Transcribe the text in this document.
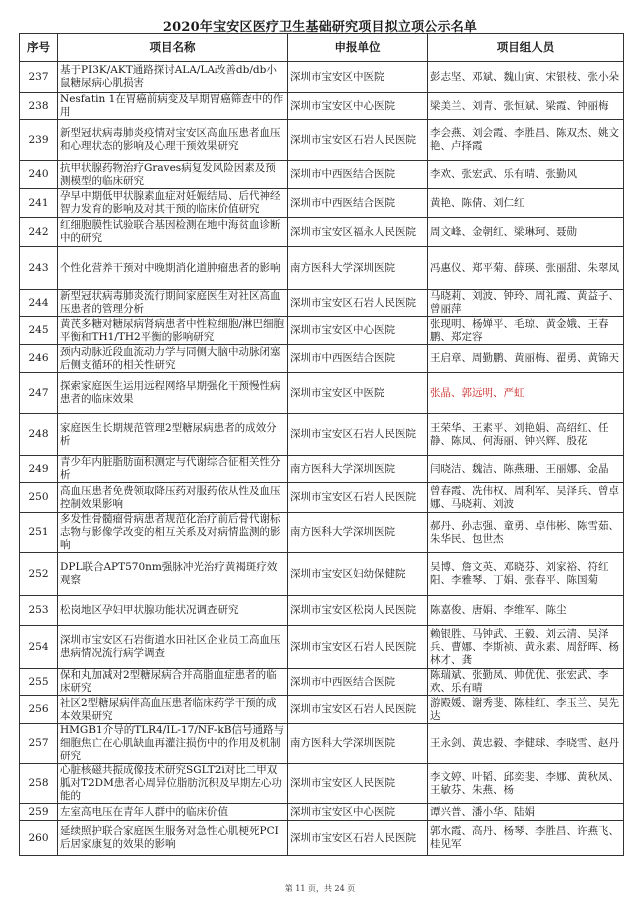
2020年宝安区医疗卫生基础研究项目拟立项公示名单
序号	项目名称	申报单位	项目组人员
237	基于PI3K/AKT通路探讨ALA/LA改善db/db小鼠糖尿病心肌损害	深圳市宝安区中医院	彭志坚、邓斌、魏山寅、宋银枝、张小朵
238	Nesfatin 1在胃癌前病变及早期胃癌筛查中的作用	深圳市宝安区中心医院	梁美兰、刘青、张恒斌、梁霞、钟丽梅
239	新型冠状病毒肺炎疫情对宝安区高血压患者血压和心理状态的影响及心理干预效果研究	深圳市宝安区石岩人民医院	李会燕、刘会霞、李胜昌、陈双杰、姚文艳、卢择霞
240	抗甲状腺药物治疗Graves病复发风险因素及预测模型的临床研究	深圳市中西医结合医院	李欢、张宏武、乐有晴、张勤风
241	孕早中期低甲状腺素血症对妊娠结局、后代神经智力发育的影响及对其干预的临床价值研究	深圳市中西医结合医院	黄艳、陈倩、刘仁红
242	红细胞膜性试验联合基因检测在地中海贫血诊断中的研究	深圳市宝安区福永人民医院	周文峰、金朝红、梁琳珂、聂勋
243	个性化营养干预对中晚期消化道肿瘤患者的影响	南方医科大学深圳医院	冯惠仪、郑平菊、薛瑛、张丽甜、朱翠凤
244	新型冠状病毒肺炎流行期间家庭医生对社区高血压患者的管理分析	深圳市宝安区石岩人民医院	马晓莉、刘波、钟玲、周礼霞、黄益子、曾丽萍
245	黄芪多糖对糖尿病肾病患者中性粒细胞/淋巴细胞平衡和TH1/TH2平衡的影响研究	深圳市宝安区中心医院	张现明、杨婵平、毛琼、黄金娥、王春鹏、郑定容
246	颈内动脉近段血流动力学与同侧大脑中动脉闭塞后侧支循环的相关性研究	深圳市中西医结合医院	王启章、周勤鹏、黄丽梅、翟勇、黄锦天
247	探索家庭医生运用远程网络早期强化干预慢性病患者的临床效果	深圳市宝安区中医院	张晶、郭远明、严虹
248	家庭医生长期规范管理2型糖尿病患者的成效分析	深圳市宝安区石岩人民医院	王荣华、王素平、刘艳娟、高绍红、任静、陈凤、何海丽、钟兴辉、殷花
249	青少年内脏脂肪面积测定与代谢综合征相关性分析	南方医科大学深圳医院	闫晓洁、魏洁、陈燕珊、王丽娜、金晶
250	高血压患者免费领取降压药对服药依从性及血压控制效果影响	深圳市宝安区石岩人民医院	曾春霞、冼伟权、周利军、吴泽兵、曾卓娜、马晓莉、刘波
251	多发性骨髓瘤骨病患者规范化治疗前后骨代谢标志物与影像学改变的相互关系及对病情监测的影响	南方医科大学深圳医院	郝丹、孙志强、童勇、卓伟彬、陈雪茹、朱华民、包世杰
252	DPL联合APT570nm强脉冲光治疗黄褐斑疗效观察	深圳市宝安区妇幼保健院	吴博、詹文英、邓晓芬、刘家裕、符红阳、李雅琴、丁娟、张春平、陈国菊
253	松岗地区孕妇甲状腺功能状况调查研究	深圳市宝安区松岗人民医院	陈嘉俊、唐娟、李维军、陈尘
254	深圳市宝安区石岩街道水田社区企业员工高血压患病情况流行病学调查	深圳市宝安区石岩人民医院	赖银胜、马钟武、王毅、刘云清、吴泽兵、曹娜、李斯祯、黄永素、周舒晖、杨林才、龚
255	保和丸加减对2型糖尿病合并高脂血症患者的临床研究	深圳市中西医结合医院	陈瑞斌、张勤凤、帅优优、张宏武、李欢、乐有晴
256	社区2型糖尿病伴高血压患者临床药学干预的成本效果研究	深圳市宝安区石岩人民医院	游殿媛、谢秀斐、陈桂红、李玉兰、吴先达
257	HMGB1介导的TLR4/IL-17/NF-kB信号通路与细胞焦亡在心肌缺血再灌注损伤中的作用及机制研究	南方医科大学深圳医院	王永剑、黄忠毅、李健球、李晓雪、赵丹
258	心脏核磁共振成像技术研究SGLT2i对比二甲双胍对T2DM患者心周异位脂肪沉积及早期左心功能的	深圳市宝安区人民医院	李文婷、叶韬、邱奕斐、李娜、黄秋凤、王敏芬、朱燕、杨
259	左室高电压在青年人群中的临床价值	深圳市宝安区中心医院	谭兴普、潘小华、陆娟
260	延续照护联合家庭医生服务对急性心肌梗死PCI后居家康复的效果的影响	深圳市宝安区石岩人民医院	郭水霞、高丹、杨琴、李胜昌、许燕飞、桂见军
第 11 页，共 24 页
